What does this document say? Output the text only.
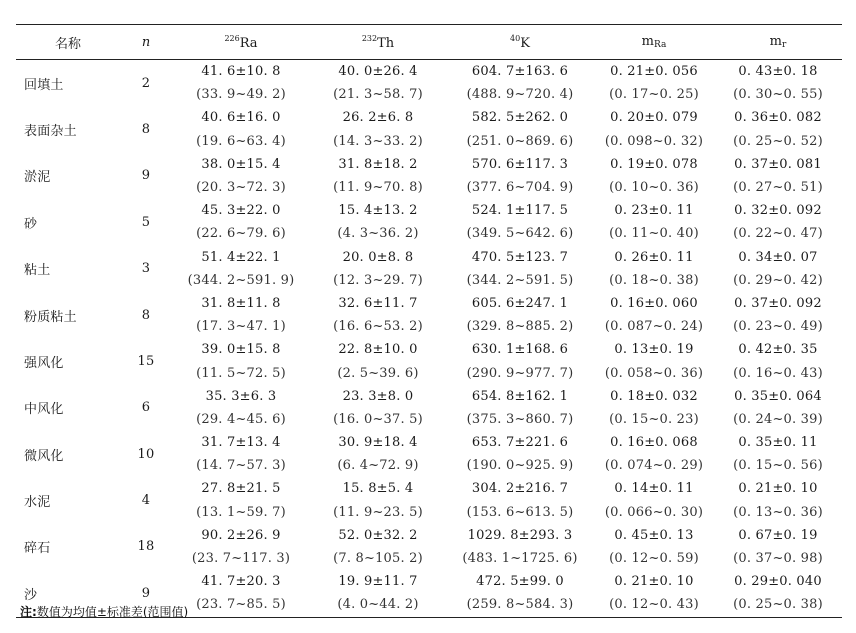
名称	n	$^{226}$Ra	$^{232}$Th	$^{40}$K	$m_{Ra}$	$m_r$
回填土	2	41. 6±10. 8	40. 0±26. 4	604. 7±163. 6	0. 21±0. 056	0. 43±0. 18
		(33. 9~49. 2)	(21. 3~58. 7)	(488. 9~720. 4)	(0. 17~0. 25)	(0. 30~0. 55)
表面杂土	8	40. 6±16. 0	26. 2±6. 8	582. 5±262. 0	0. 20±0. 079	0. 36±0. 082
		(19. 6~63. 4)	(14. 3~33. 2)	(251. 0~869. 6)	(0. 098~0. 32)	(0. 25~0. 52)
淤泥	9	38. 0±15. 4	31. 8±18. 2	570. 6±117. 3	0. 19±0. 078	0. 37±0. 081
		(20. 3~72. 3)	(11. 9~70. 8)	(377. 6~704. 9)	(0. 10~0. 36)	(0. 27~0. 51)
砂	5	45. 3±22. 0	15. 4±13. 2	524. 1±117. 5	0. 23±0. 11	0. 32±0. 092
		(22. 6~79. 6)	(4. 3~36. 2)	(349. 5~642. 6)	(0. 11~0. 40)	(0. 22~0. 47)
粘土	3	51. 4±22. 1	20. 0±8. 8	470. 5±123. 7	0. 26±0. 11	0. 34±0. 07
		(344. 2~591. 9)	(12. 3~29. 7)	(344. 2~591. 5)	(0. 18~0. 38)	(0. 29~0. 42)
粉质粘土	8	31. 8±11. 8	32. 6±11. 7	605. 6±247. 1	0. 16±0. 060	0. 37±0. 092
		(17. 3~47. 1)	(16. 6~53. 2)	(329. 8~885. 2)	(0. 087~0. 24)	(0. 23~0. 49)
强风化	15	39. 0±15. 8	22. 8±10. 0	630. 1±168. 6	0. 13±0. 19	0. 42±0. 35
		(11. 5~72. 5)	(2. 5~39. 6)	(290. 9~977. 7)	(0. 058~0. 36)	(0. 16~0. 43)
中风化	6	35. 3±6. 3	23. 3±8. 0	654. 8±162. 1	0. 18±0. 032	0. 35±0. 064
		(29. 4~45. 6)	(16. 0~37. 5)	(375. 3~860. 7)	(0. 15~0. 23)	(0. 24~0. 39)
微风化	10	31. 7±13. 4	30. 9±18. 4	653. 7±221. 6	0. 16±0. 068	0. 35±0. 11
		(14. 7~57. 3)	(6. 4~72. 9)	(190. 0~925. 9)	(0. 074~0. 29)	(0. 15~0. 56)
水泥	4	27. 8±21. 5	15. 8±5. 4	304. 2±216. 7	0. 14±0. 11	0. 21±0. 10
		(13. 1~59. 7)	(11. 9~23. 5)	(153. 6~613. 5)	(0. 066~0. 30)	(0. 13~0. 36)
碎石	18	90. 2±26. 9	52. 0±32. 2	1029. 8±293. 3	0. 45±0. 13	0. 67±0. 19
		(23. 7~117. 3)	(7. 8~105. 2)	(483. 1~1725. 6)	(0. 12~0. 59)	(0. 37~0. 98)
沙	9	41. 7±20. 3	19. 9±11. 7	472. 5±99. 0	0. 21±0. 10	0. 29±0. 040
		(23. 7~85. 5)	(4. 0~44. 2)	(259. 8~584. 3)	(0. 12~0. 43)	(0. 25~0. 38)
注:数值为均值±标准差(范围值)
